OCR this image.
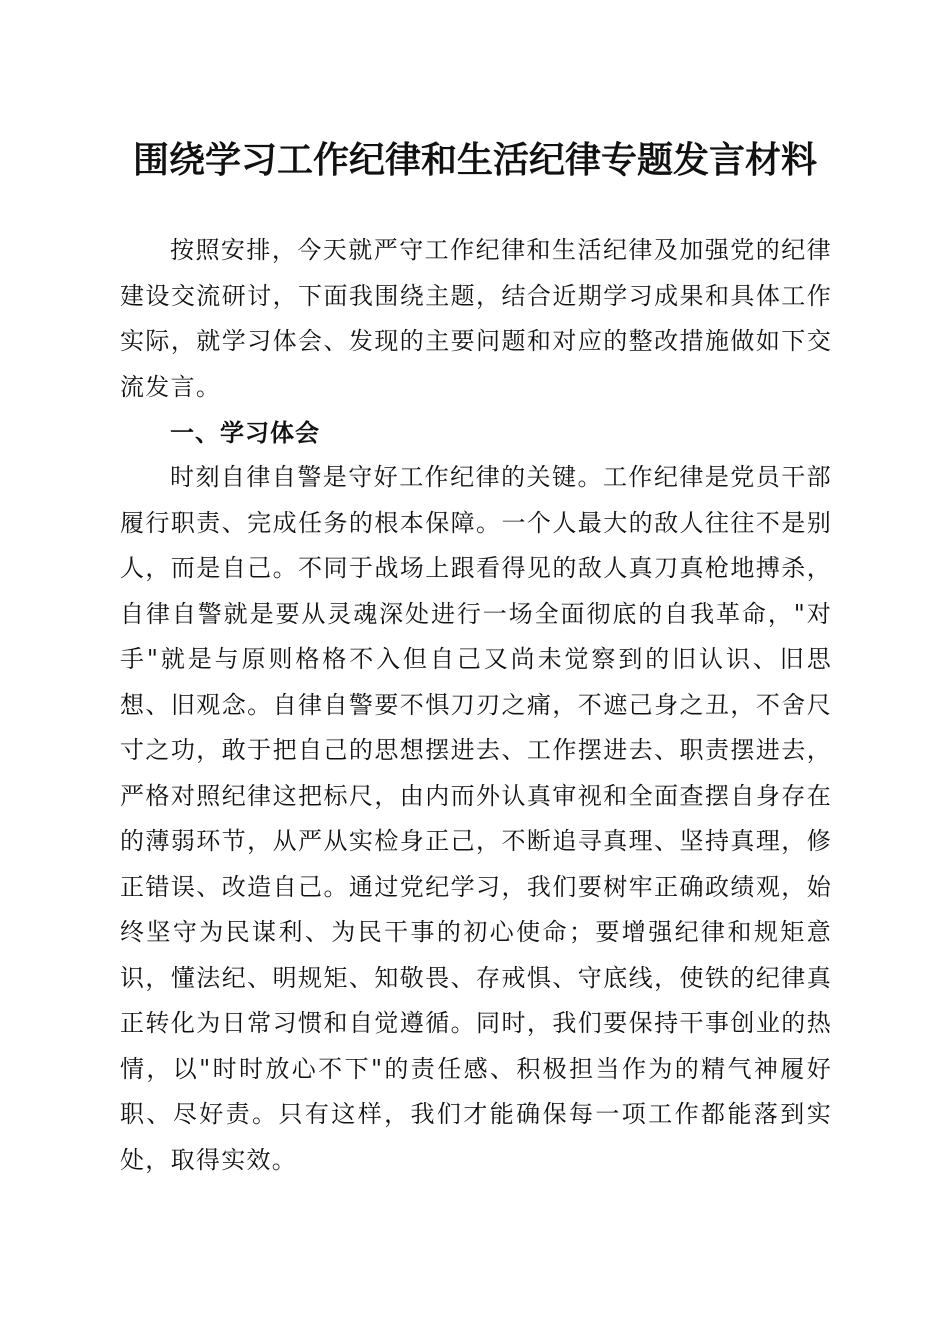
围绕学习工作纪律和生活纪律专题发言材料

按照安排，今天就严守工作纪律和生活纪律及加强党的纪律建设交流研讨，下面我围绕主题，结合近期学习成果和具体工作实际，就学习体会、发现的主要问题和对应的整改措施做如下交流发言。

一、学习体会

时刻自律自警是守好工作纪律的关键。工作纪律是党员干部履行职责、完成任务的根本保障。一个人最大的敌人往往不是别人，而是自己。不同于战场上跟看得见的敌人真刀真枪地搏杀，自律自警就是要从灵魂深处进行一场全面彻底的自我革命，"对手"就是与原则格格不入但自己又尚未觉察到的旧认识、旧思想、旧观念。自律自警要不惧刀刃之痛，不遮己身之丑，不舍尺寸之功，敢于把自己的思想摆进去、工作摆进去、职责摆进去，严格对照纪律这把标尺，由内而外认真审视和全面查摆自身存在的薄弱环节，从严从实检身正己，不断追寻真理、坚持真理，修正错误、改造自己。通过党纪学习，我们要树牢正确政绩观，始终坚守为民谋利、为民干事的初心使命；要增强纪律和规矩意识，懂法纪、明规矩、知敬畏、存戒惧、守底线，使铁的纪律真正转化为日常习惯和自觉遵循。同时，我们要保持干事创业的热情，以"时时放心不下"的责任感、积极担当作为的精气神履好职、尽好责。只有这样，我们才能确保每一项工作都能落到实处，取得实效。
